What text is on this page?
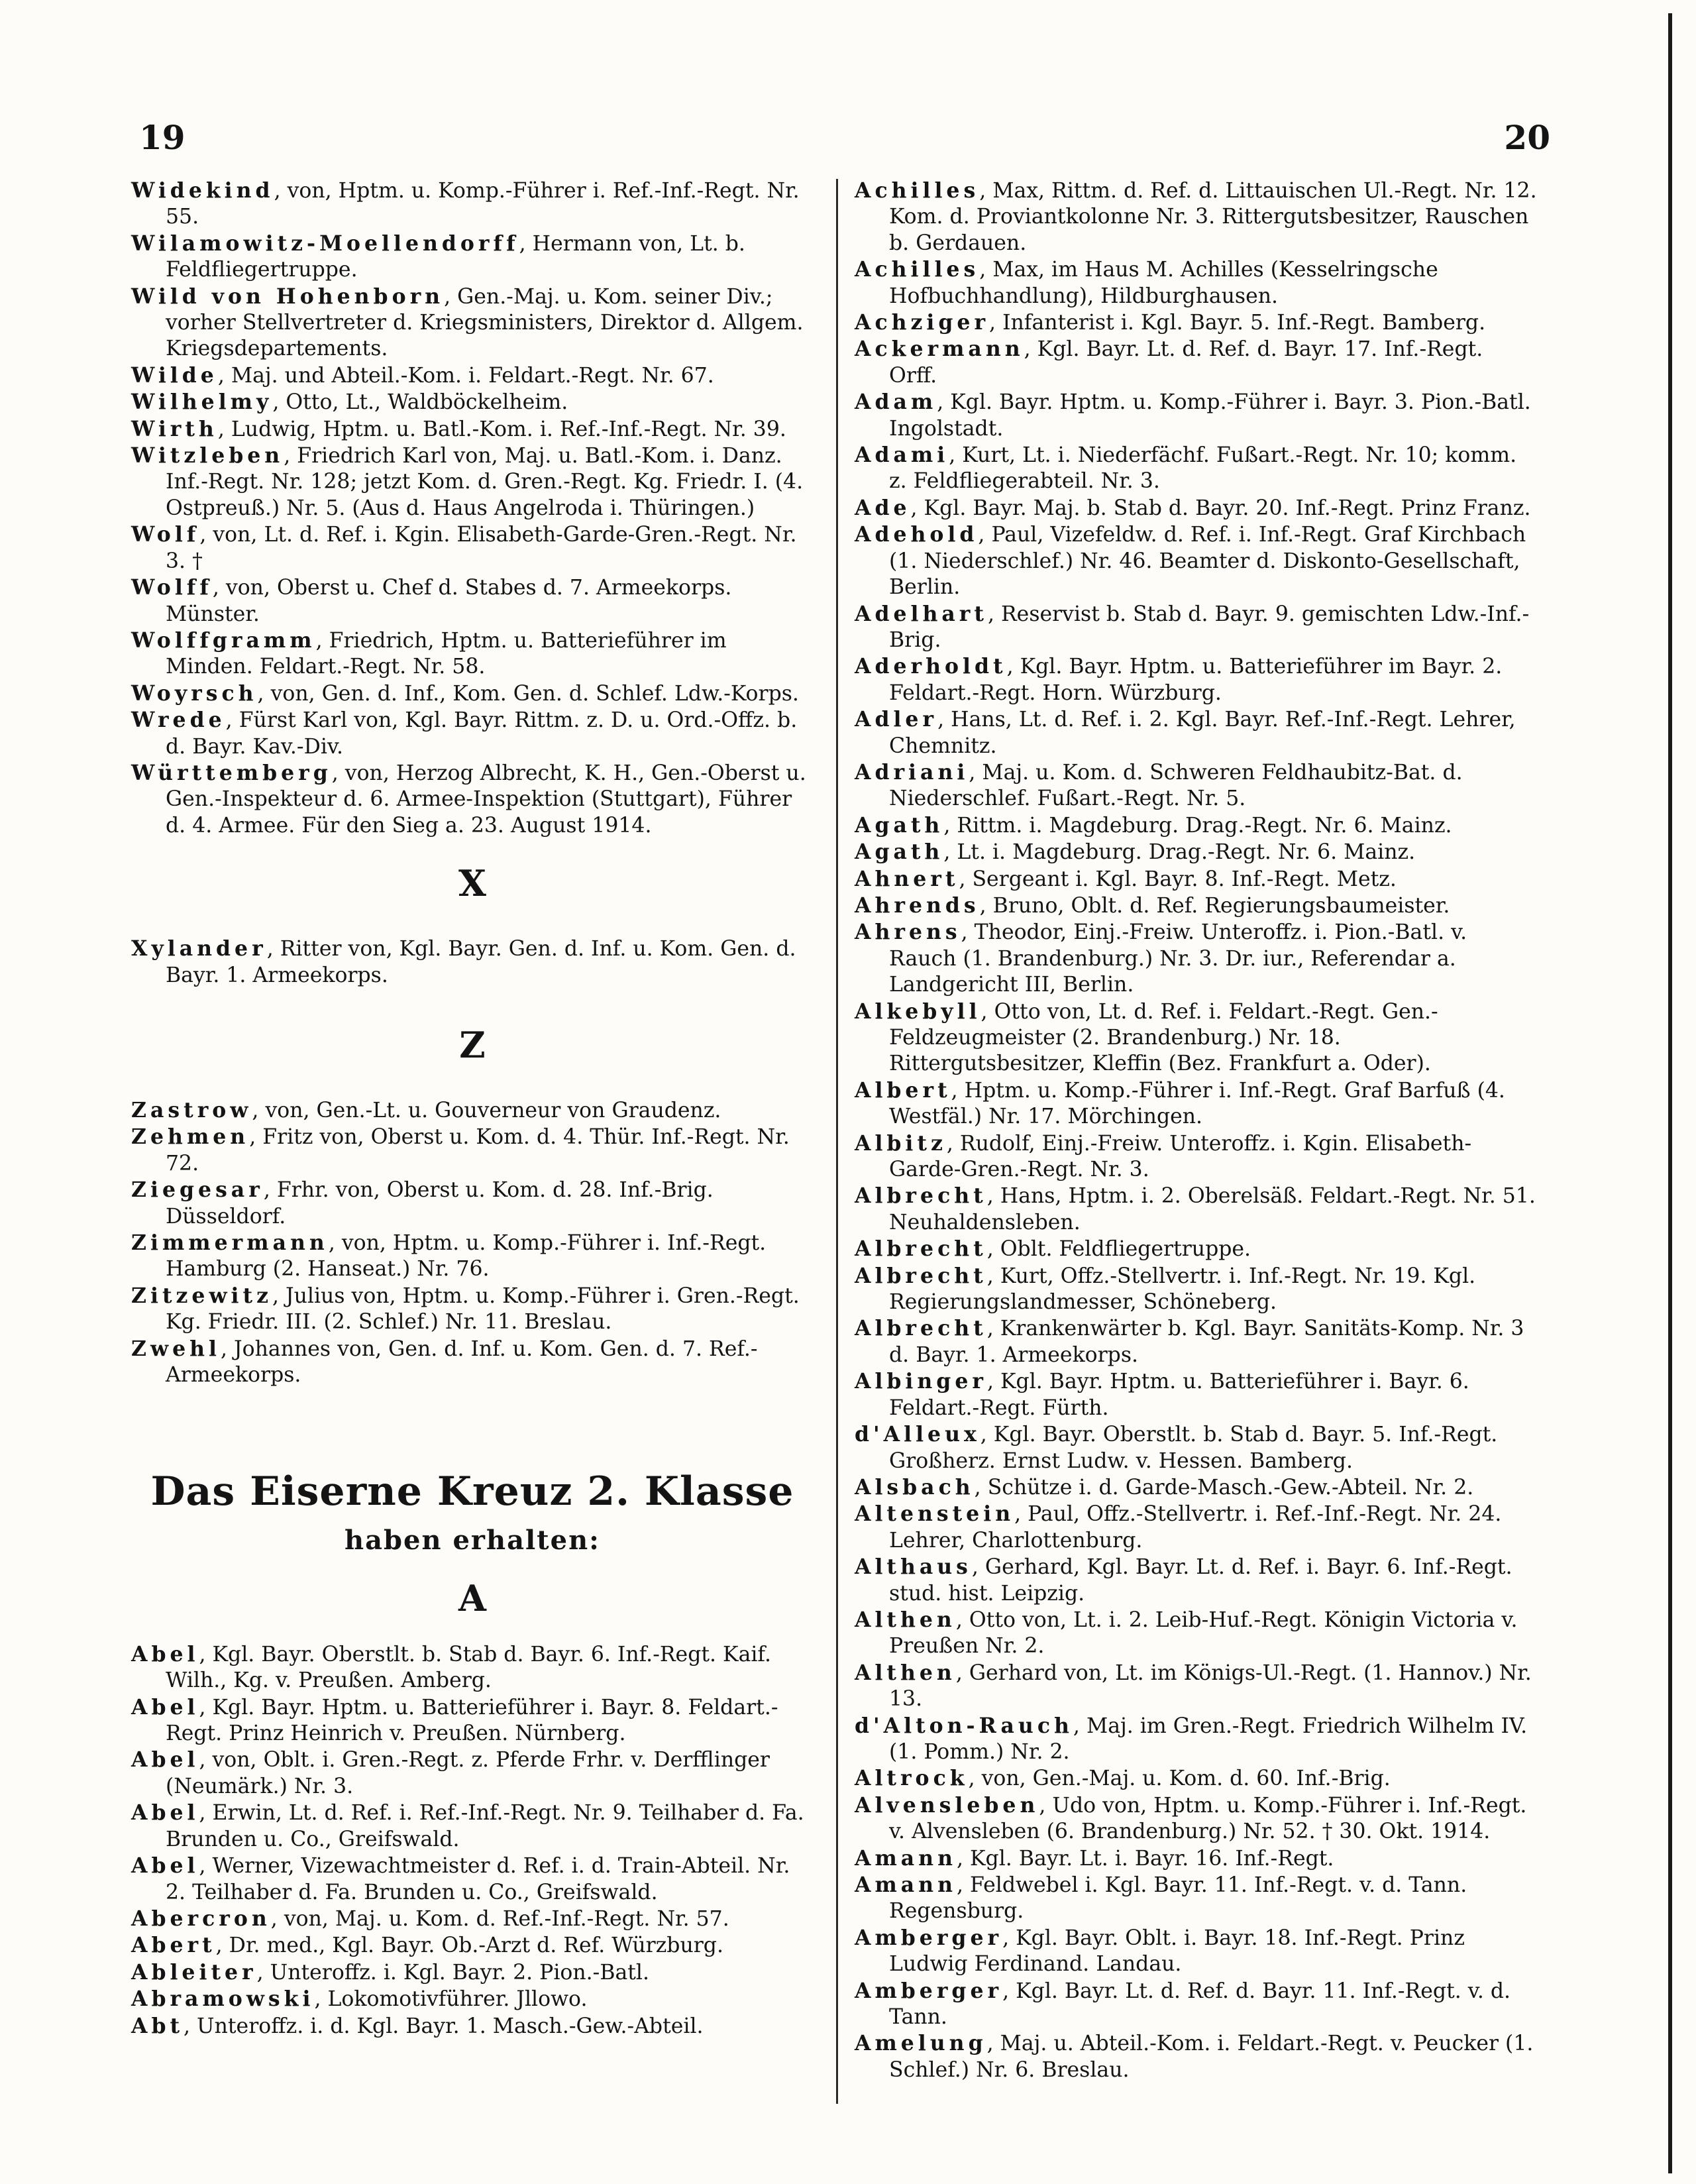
19	20

Widekind, von, Hptm. u. Komp.-Führer i. Ref.-Inf.-Regt. Nr. 55.

Wilamowitz-Moellendorff, Hermann von, Lt. b. Feldfliegertruppe.

Wild von Hohenborn, Gen.-Maj. u. Kom. seiner Div.; vorher Stellvertreter d. Kriegsministers, Direktor d. Allgem. Kriegsdepartements.

Wilde, Maj. und Abteil.-Kom. i. Feldart.-Regt. Nr. 67.

Wilhelmy, Otto, Lt., Waldböckelheim.

Wirth, Ludwig, Hptm. u. Batl.-Kom. i. Ref.-Inf.-Regt. Nr. 39.

Witzleben, Friedrich Karl von, Maj. u. Batl.-Kom. i. Danz. Inf.-Regt. Nr. 128; jetzt Kom. d. Gren.-Regt. Kg. Friedr. I. (4. Ostpreuß.) Nr. 5. (Aus d. Haus Angelroda i. Thüringen.)

Wolf, von, Lt. d. Ref. i. Kgin. Elisabeth-Garde-Gren.-Regt. Nr. 3. †

Wolff, von, Oberst u. Chef d. Stabes d. 7. Armeekorps. Münster.

Wolffgramm, Friedrich, Hptm. u. Batterieführer im Minden. Feldart.-Regt. Nr. 58.

Woyrsch, von, Gen. d. Inf., Kom. Gen. d. Schlef. Ldw.-Korps.

Wrede, Fürst Karl von, Kgl. Bayr. Rittm. z. D. u. Ord.-Offz. b. d. Bayr. Kav.-Div.

Württemberg, von, Herzog Albrecht, K. H., Gen.-Oberst u. Gen.-Inspekteur d. 6. Armee-Inspektion (Stuttgart), Führer d. 4. Armee. Für den Sieg a. 23. August 1914.

X

Xylander, Ritter von, Kgl. Bayr. Gen. d. Inf. u. Kom. Gen. d. Bayr. 1. Armeekorps.

Z

Zastrow, von, Gen.-Lt. u. Gouverneur von Graudenz.

Zehmen, Fritz von, Oberst u. Kom. d. 4. Thür. Inf.-Regt. Nr. 72.

Ziegesar, Frhr. von, Oberst u. Kom. d. 28. Inf.-Brig. Düsseldorf.

Zimmermann, von, Hptm. u. Komp.-Führer i. Inf.-Regt. Hamburg (2. Hanseat.) Nr. 76.

Zitzewitz, Julius von, Hptm. u. Komp.-Führer i. Gren.-Regt. Kg. Friedr. III. (2. Schlef.) Nr. 11. Breslau.

Zwehl, Johannes von, Gen. d. Inf. u. Kom. Gen. d. 7. Ref.-Armeekorps.

Das Eiserne Kreuz 2. Klasse
haben erhalten:
A

Abel, Kgl. Bayr. Oberstlt. b. Stab d. Bayr. 6. Inf.-Regt. Kaif. Wilh., Kg. v. Preußen. Amberg.

Abel, Kgl. Bayr. Hptm. u. Batterieführer i. Bayr. 8. Feldart.-Regt. Prinz Heinrich v. Preußen. Nürnberg.

Abel, von, Oblt. i. Gren.-Regt. z. Pferde Frhr. v. Derfflinger (Neumärk.) Nr. 3.

Abel, Erwin, Lt. d. Ref. i. Ref.-Inf.-Regt. Nr. 9. Teilhaber d. Fa. Brunden u. Co., Greifswald.

Abel, Werner, Vizewachtmeister d. Ref. i. d. Train-Abteil. Nr. 2. Teilhaber d. Fa. Brunden u. Co., Greifswald.

Abercron, von, Maj. u. Kom. d. Ref.-Inf.-Regt. Nr. 57.

Abert, Dr. med., Kgl. Bayr. Ob.-Arzt d. Ref. Würzburg.

Ableiter, Unteroffz. i. Kgl. Bayr. 2. Pion.-Batl.

Abramowski, Lokomotivführer. Jllowo.

Abt, Unteroffz. i. d. Kgl. Bayr. 1. Masch.-Gew.-Abteil.

Achilles, Max, Rittm. d. Ref. d. Littauischen Ul.-Regt. Nr. 12. Kom. d. Proviantkolonne Nr. 3. Rittergutsbesitzer, Rauschen b. Gerdauen.

Achilles, Max, im Haus M. Achilles (Kesselringsche Hofbuchhandlung), Hildburghausen.

Achziger, Infanterist i. Kgl. Bayr. 5. Inf.-Regt. Bamberg.

Ackermann, Kgl. Bayr. Lt. d. Ref. d. Bayr. 17. Inf.-Regt. Orff.

Adam, Kgl. Bayr. Hptm. u. Komp.-Führer i. Bayr. 3. Pion.-Batl. Ingolstadt.

Adami, Kurt, Lt. i. Niederfächf. Fußart.-Regt. Nr. 10; komm. z. Feldfliegerabteil. Nr. 3.

Ade, Kgl. Bayr. Maj. b. Stab d. Bayr. 20. Inf.-Regt. Prinz Franz.

Adehold, Paul, Vizefeldw. d. Ref. i. Inf.-Regt. Graf Kirchbach (1. Niederschlef.) Nr. 46. Beamter d. Diskonto-Gesellschaft, Berlin.

Adelhart, Reservist b. Stab d. Bayr. 9. gemischten Ldw.-Inf.-Brig.

Aderholdt, Kgl. Bayr. Hptm. u. Batterieführer im Bayr. 2. Feldart.-Regt. Horn. Würzburg.

Adler, Hans, Lt. d. Ref. i. 2. Kgl. Bayr. Ref.-Inf.-Regt. Lehrer, Chemnitz.

Adriani, Maj. u. Kom. d. Schweren Feldhaubitz-Bat. d. Niederschlef. Fußart.-Regt. Nr. 5.

Agath, Rittm. i. Magdeburg. Drag.-Regt. Nr. 6. Mainz.

Agath, Lt. i. Magdeburg. Drag.-Regt. Nr. 6. Mainz.

Ahnert, Sergeant i. Kgl. Bayr. 8. Inf.-Regt. Metz.

Ahrends, Bruno, Oblt. d. Ref. Regierungsbaumeister.

Ahrens, Theodor, Einj.-Freiw. Unteroffz. i. Pion.-Batl. v. Rauch (1. Brandenburg.) Nr. 3. Dr. iur., Referendar a. Landgericht III, Berlin.

Alkebyll, Otto von, Lt. d. Ref. i. Feldart.-Regt. Gen.-Feldzeugmeister (2. Brandenburg.) Nr. 18. Rittergutsbesitzer, Kleffin (Bez. Frankfurt a. Oder).

Albert, Hptm. u. Komp.-Führer i. Inf.-Regt. Graf Barfuß (4. Westfäl.) Nr. 17. Mörchingen.

Albitz, Rudolf, Einj.-Freiw. Unteroffz. i. Kgin. Elisabeth-Garde-Gren.-Regt. Nr. 3.

Albrecht, Hans, Hptm. i. 2. Oberelsäß. Feldart.-Regt. Nr. 51. Neuhaldensleben.

Albrecht, Oblt. Feldfliegertruppe.

Albrecht, Kurt, Offz.-Stellvertr. i. Inf.-Regt. Nr. 19. Kgl. Regierungslandmesser, Schöneberg.

Albrecht, Krankenwärter b. Kgl. Bayr. Sanitäts-Komp. Nr. 3 d. Bayr. 1. Armeekorps.

Albinger, Kgl. Bayr. Hptm. u. Batterieführer i. Bayr. 6. Feldart.-Regt. Fürth.

d'Alleux, Kgl. Bayr. Oberstlt. b. Stab d. Bayr. 5. Inf.-Regt. Großherz. Ernst Ludw. v. Hessen. Bamberg.

Alsbach, Schütze i. d. Garde-Masch.-Gew.-Abteil. Nr. 2.

Altenstein, Paul, Offz.-Stellvertr. i. Ref.-Inf.-Regt. Nr. 24. Lehrer, Charlottenburg.

Althaus, Gerhard, Kgl. Bayr. Lt. d. Ref. i. Bayr. 6. Inf.-Regt. stud. hist. Leipzig.

Althen, Otto von, Lt. i. 2. Leib-Huf.-Regt. Königin Victoria v. Preußen Nr. 2.

Althen, Gerhard von, Lt. im Königs-Ul.-Regt. (1. Hannov.) Nr. 13.

d'Alton-Rauch, Maj. im Gren.-Regt. Friedrich Wilhelm IV. (1. Pomm.) Nr. 2.

Altrock, von, Gen.-Maj. u. Kom. d. 60. Inf.-Brig.

Alvensleben, Udo von, Hptm. u. Komp.-Führer i. Inf.-Regt. v. Alvensleben (6. Brandenburg.) Nr. 52. † 30. Okt. 1914.

Amann, Kgl. Bayr. Lt. i. Bayr. 16. Inf.-Regt.

Amann, Feldwebel i. Kgl. Bayr. 11. Inf.-Regt. v. d. Tann. Regensburg.

Amberger, Kgl. Bayr. Oblt. i. Bayr. 18. Inf.-Regt. Prinz Ludwig Ferdinand. Landau.

Amberger, Kgl. Bayr. Lt. d. Ref. d. Bayr. 11. Inf.-Regt. v. d. Tann.

Amelung, Maj. u. Abteil.-Kom. i. Feldart.-Regt. v. Peucker (1. Schlef.) Nr. 6. Breslau.
